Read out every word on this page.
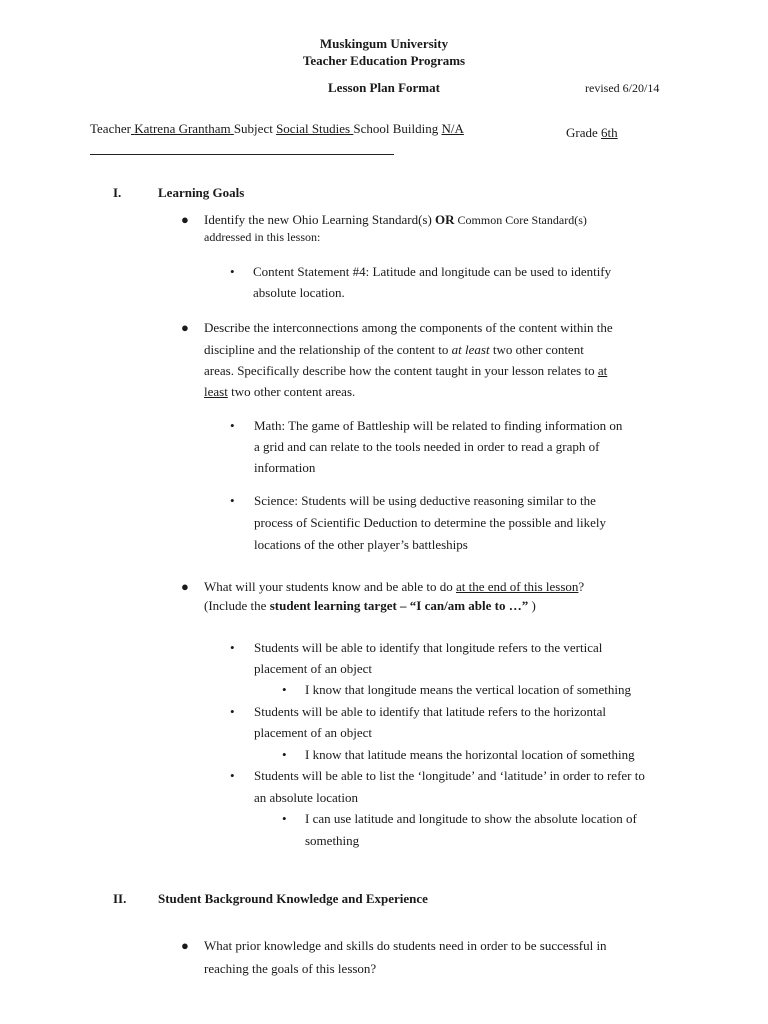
Muskingum University
Teacher Education Programs
Lesson Plan Format	revised 6/20/14
Teacher Katrena Grantham Subject Social Studies School Building N/A	Grade 6th
I.	Learning Goals
● Identify the new Ohio Learning Standard(s) OR Common Core Standard(s)
addressed in this lesson:
• Content Statement #4: Latitude and longitude can be used to identify
absolute location.
● Describe the interconnections among the components of the content within the
discipline and the relationship of the content to at least two other content
areas. Specifically describe how the content taught in your lesson relates to at
least two other content areas.
• Math: The game of Battleship will be related to finding information on
a grid and can relate to the tools needed in order to read a graph of
information
• Science: Students will be using deductive reasoning similar to the
process of Scientific Deduction to determine the possible and likely
locations of the other player’s battleships
● What will your students know and be able to do at the end of this lesson?
(Include the student learning target – “I can/am able to …” )
• Students will be able to identify that longitude refers to the vertical
placement of an object
• I know that longitude means the vertical location of something
• Students will be able to identify that latitude refers to the horizontal
placement of an object
• I know that latitude means the horizontal location of something
• Students will be able to list the ‘longitude’ and ‘latitude’ in order to refer to
an absolute location
• I can use latitude and longitude to show the absolute location of
something
II. Student Background Knowledge and Experience
● What prior knowledge and skills do students need in order to be successful in
reaching the goals of this lesson?
